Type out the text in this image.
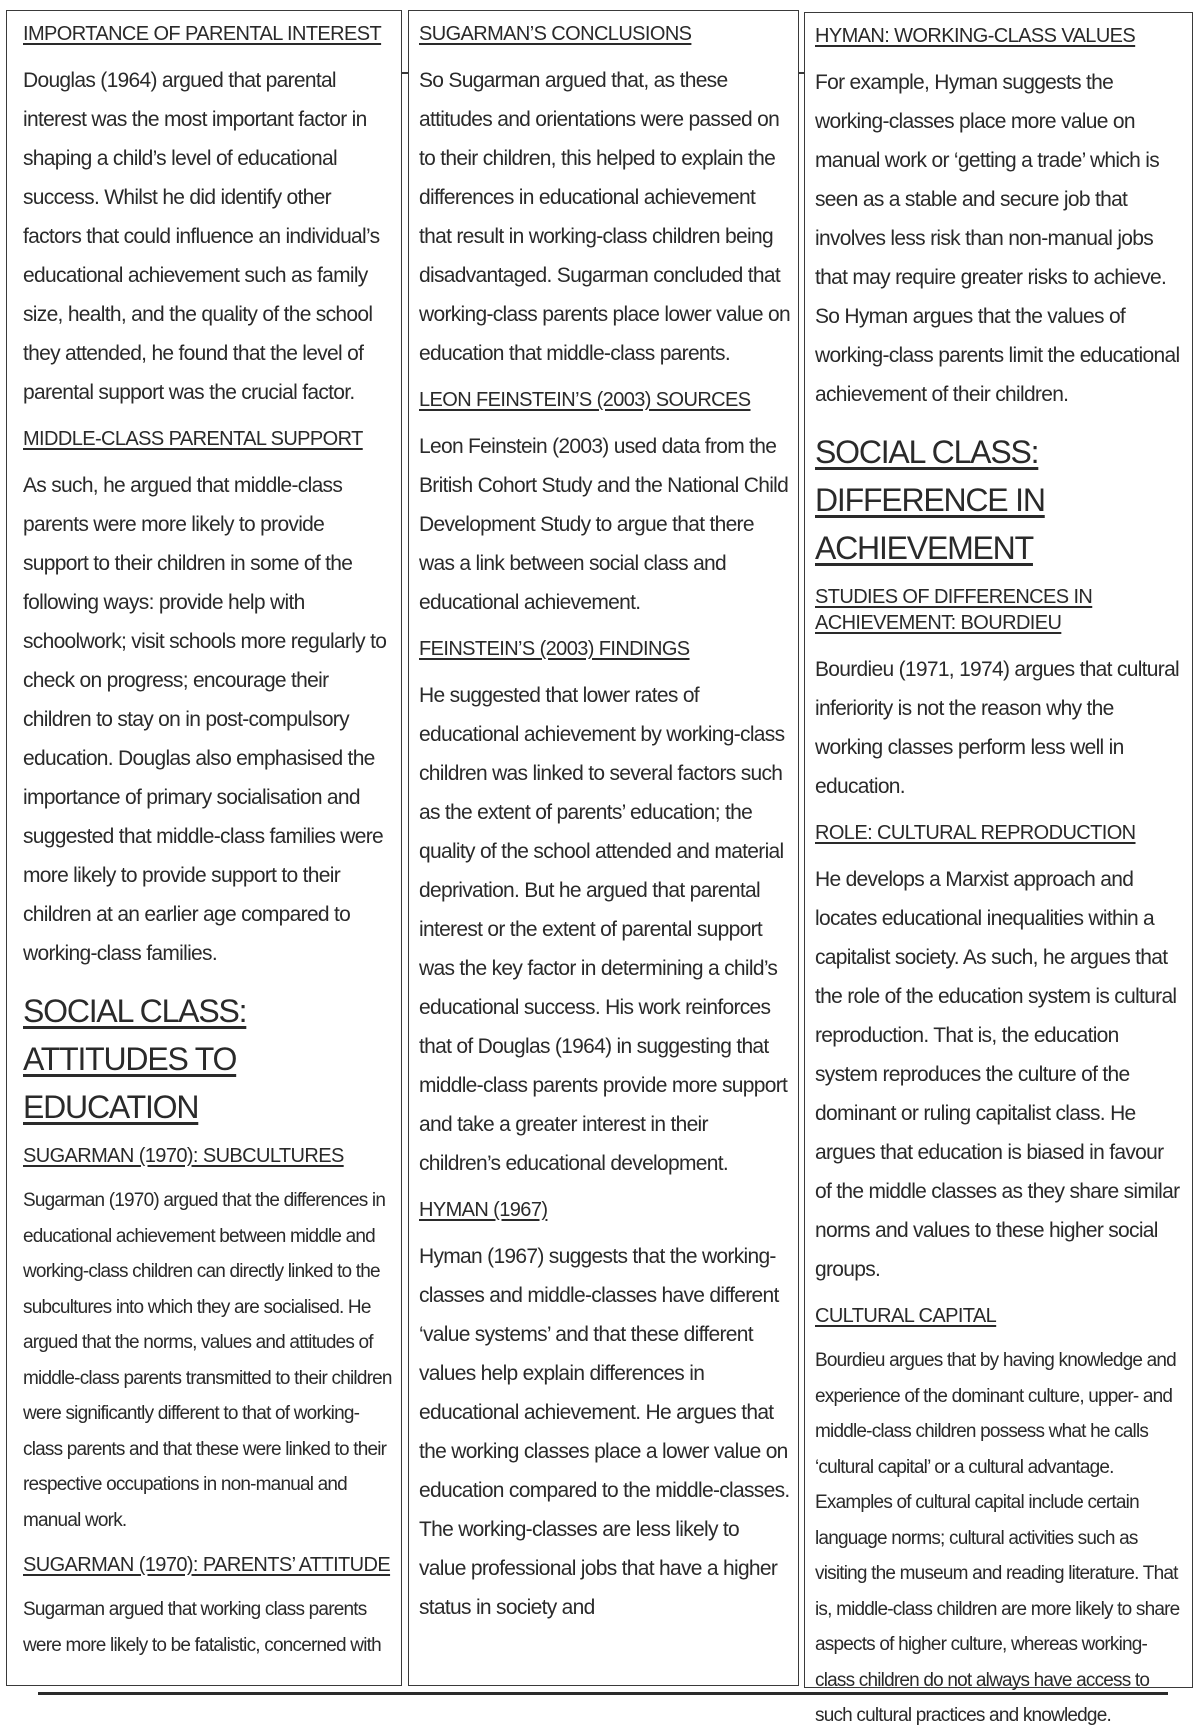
IMPORTANCE OF PARENTAL INTEREST

Douglas (1964) argued that parental interest was the most important factor in shaping a child’s level of educational success. Whilst he did identify other factors that could influence an individual’s educational achievement such as family size, health, and the quality of the school they attended, he found that the level of parental support was the crucial factor.

MIDDLE-CLASS PARENTAL SUPPORT

As such, he argued that middle-class parents were more likely to provide support to their children in some of the following ways: provide help with schoolwork; visit schools more regularly to check on progress; encourage their children to stay on in post-compulsory education. Douglas also emphasised the importance of primary socialisation and suggested that middle-class families were more likely to provide support to their children at an earlier age compared to working-class families.

SOCIAL CLASS: ATTITUDES TO EDUCATION
SUGARMAN (1970): SUBCULTURES

Sugarman (1970) argued that the differences in educational achievement between middle and working-class children can directly linked to the subcultures into which they are socialised. He argued that the norms, values and attitudes of middle-class parents transmitted to their children were significantly different to that of working-class parents and that these were linked to their respective occupations in non-manual and manual work.

SUGARMAN (1970): PARENTS’ ATTITUDE

Sugarman argued that working class parents were more likely to be fatalistic, concerned with

SUGARMAN’S CONCLUSIONS

So Sugarman argued that, as these attitudes and orientations were passed on to their children, this helped to explain the differences in educational achievement that result in working-class children being disadvantaged. Sugarman concluded that working-class parents place lower value on education that middle-class parents.

LEON FEINSTEIN’S (2003) SOURCES

Leon Feinstein (2003) used data from the British Cohort Study and the National Child Development Study to argue that there was a link between social class and educational achievement.

FEINSTEIN’S (2003) FINDINGS

He suggested that lower rates of educational achievement by working-class children was linked to several factors such as the extent of parents’ education; the quality of the school attended and material deprivation. But he argued that parental interest or the extent of parental support was the key factor in determining a child’s educational success. His work reinforces that of Douglas (1964) in suggesting that middle-class parents provide more support and take a greater interest in their children’s educational development.

HYMAN (1967)

Hyman (1967) suggests that the working-classes and middle-classes have different ‘value systems’ and that these different values help explain differences in educational achievement. He argues that the working classes place a lower value on education compared to the middle-classes. The working-classes are less likely to value professional jobs that have a higher status in society and

HYMAN: WORKING-CLASS VALUES

For example, Hyman suggests the working-classes place more value on manual work or ‘getting a trade’ which is seen as a stable and secure job that involves less risk than non-manual jobs that may require greater risks to achieve. So Hyman argues that the values of working-class parents limit the educational achievement of their children.

SOCIAL CLASS: DIFFERENCE IN ACHIEVEMENT
STUDIES OF DIFFERENCES IN ACHIEVEMENT: BOURDIEU

Bourdieu (1971, 1974) argues that cultural inferiority is not the reason why the working classes perform less well in education.

ROLE: CULTURAL REPRODUCTION

He develops a Marxist approach and locates educational inequalities within a capitalist society. As such, he argues that the role of the education system is cultural reproduction. That is, the education system reproduces the culture of the dominant or ruling capitalist class. He argues that education is biased in favour of the middle classes as they share similar norms and values to these higher social groups.

CULTURAL CAPITAL

Bourdieu argues that by having knowledge and experience of the dominant culture, upper- and middle-class children possess what he calls ‘cultural capital’ or a cultural advantage. Examples of cultural capital include certain language norms; cultural activities such as visiting the museum and reading literature. That is, middle-class children are more likely to share aspects of higher culture, whereas working-class children do not always have access to such cultural practices and knowledge.
